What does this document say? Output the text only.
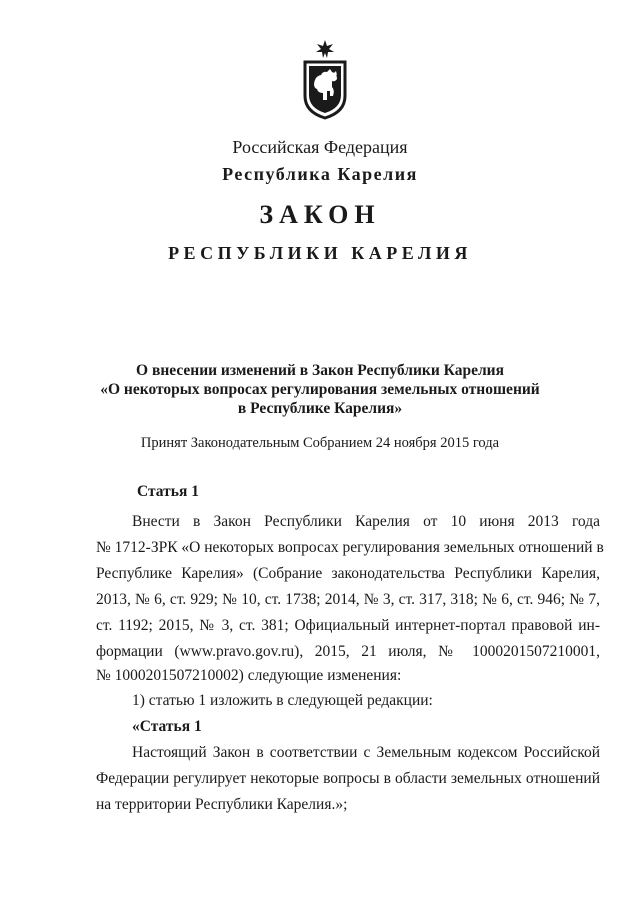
Российская Федерация
Республика Карелия
ЗАКОН
РЕСПУБЛИКИ КАРЕЛИЯ
О внесении изменений в Закон Республики Карелия
«О некоторых вопросах регулирования земельных отношений
в Республике Карелия»
Принят Законодательным Собранием 24 ноября 2015 года
Статья 1
Внести в Закон Республики Карелия от 10 июня 2013 года
№ 1712-ЗРК «О некоторых вопросах регулирования земельных отношений в
Республике Карелия» (Собрание законодательства Республики Карелия,
2013, № 6, ст. 929; № 10, ст. 1738; 2014, № 3, ст. 317, 318; № 6, ст. 946; № 7,
ст. 1192; 2015, № 3, ст. 381; Официальный интернет-портал правовой ин-
формации (www.pravo.gov.ru), 2015, 21 июля, № 1000201507210001,
№ 1000201507210002) следующие изменения:
1) статью 1 изложить в следующей редакции:
«Статья 1
Настоящий Закон в соответствии с Земельным кодексом Российской
Федерации регулирует некоторые вопросы в области земельных отношений
на территории Республики Карелия.»;
